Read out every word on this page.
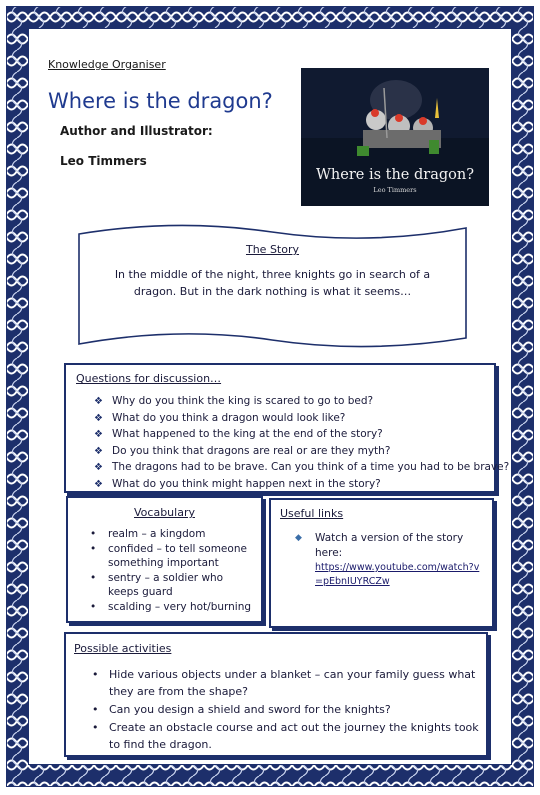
Knowledge Organiser
Where is the dragon?
Author and Illustrator:
Leo Timmers
Where is the dragon?
Leo Timmers
The Story
In the middle of the night, three knights go in search of a dragon. But in the dark nothing is what it seems…
Questions for discussion…
❖ Why do you think the king is scared to go to bed?
❖ What do you think a dragon would look like?
❖ What happened to the king at the end of the story?
❖ Do you think that dragons are real or are they myth?
❖ The dragons had to be brave. Can you think of a time you had to be brave?
❖ What do you think might happen next in the story?
Vocabulary
• realm – a kingdom
• confided – to tell someone something important
• sentry – a soldier who keeps guard
• scalding – very hot/burning
Useful links
◆ Watch a version of the story here:
https://www.youtube.com/watch?v=pEbnIUYRCZw
Possible activities
• Hide various objects under a blanket – can your family guess what they are from the shape?
• Can you design a shield and sword for the knights?
• Create an obstacle course and act out the journey the knights took to find the dragon.
